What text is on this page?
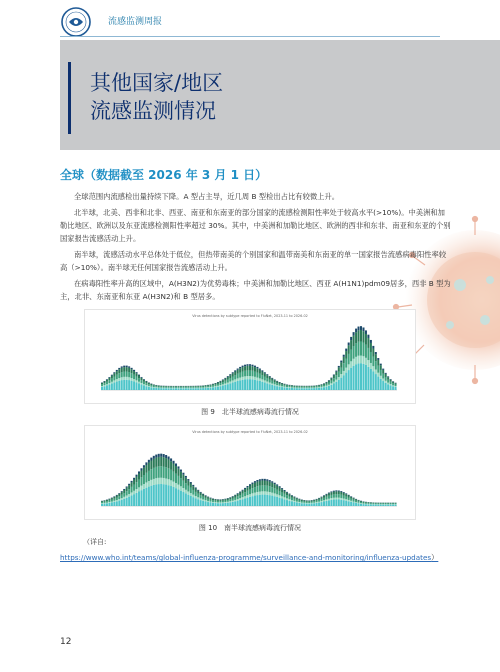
流感监测周报
其他国家/地区
流感监测情况
全球（数据截至 2026 年 3 月 1 日）
全球范围内流感检出量持续下降。A 型占主导，近几周 B 型检出占比有较微上升。
北半球，北美、西非和北非、西亚、南亚和东南亚的部分国家的流感检测阳性率处于较高水平(>10%)。中美洲和加勒比地区、欧洲以及东亚流感检测阳性率超过 30%。其中，中美洲和加勒比地区、欧洲的西非和东非、南亚和东亚的个别国家报告流感活动上升。
南半球，流感活动水平总体处于低位，但热带南美的个别国家和温带南美和东南亚的单一国家报告流感病毒阳性率较高（>10%）。南半球无任何国家报告流感活动上升。
在病毒阳性率升高的区域中，A(H3N2)为优势毒株；中美洲和加勒比地区、西亚 A(H1N1)pdm09居多，西非 B 型为主，北非、东南亚和东亚 A(H3N2)和 B 型居多。
Virus detections by subtype reported to FluNet, 2023-11 to 2026-02
图 9　北半球流感病毒流行情况
Virus detections by subtype reported to FluNet, 2023-11 to 2026-02
图 10　南半球流感病毒流行情况
（详自:
https://www.who.int/teams/global-influenza-programme/surveillance-and-monitoring/influenza-updates）
12
